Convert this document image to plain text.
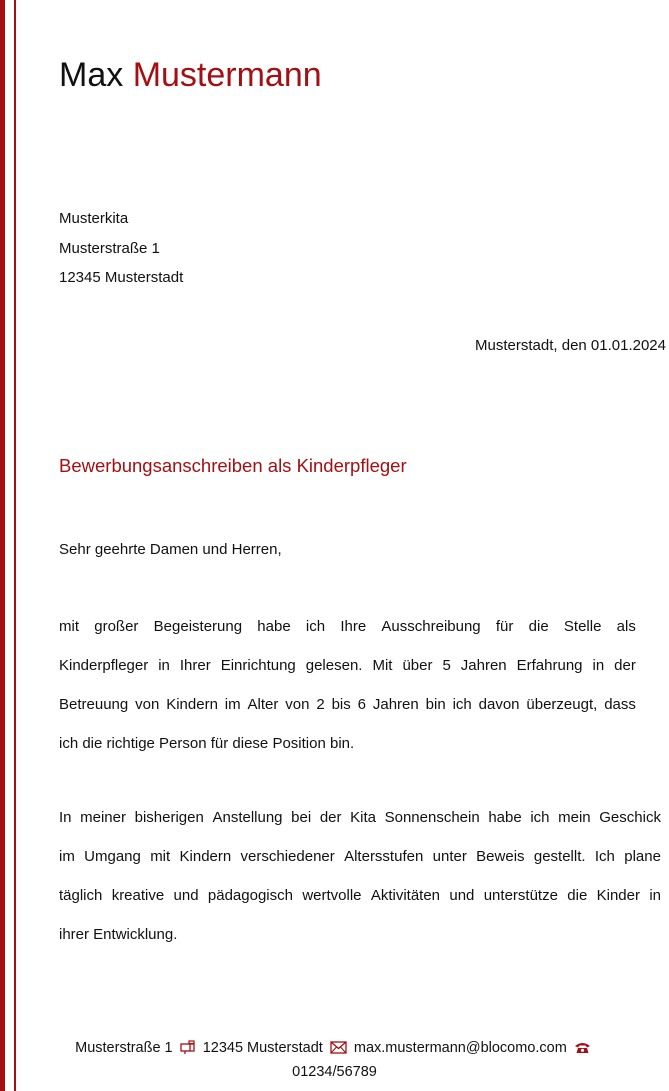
Max Mustermann
Musterkita
Musterstraße 1
12345 Musterstadt
Musterstadt, den 01.01.2024
Bewerbungsanschreiben als Kinderpfleger
Sehr geehrte Damen und Herren,
mit großer Begeisterung habe ich Ihre Ausschreibung für die Stelle als
Kinderpfleger in Ihrer Einrichtung gelesen. Mit über 5 Jahren Erfahrung in der
Betreuung von Kindern im Alter von 2 bis 6 Jahren bin ich davon überzeugt, dass
ich die richtige Person für diese Position bin.
In meiner bisherigen Anstellung bei der Kita Sonnenschein habe ich mein Geschick
im Umgang mit Kindern verschiedener Altersstufen unter Beweis gestellt. Ich plane
täglich kreative und pädagogisch wertvolle Aktivitäten und unterstütze die Kinder in
ihrer Entwicklung.
Musterstraße 1 12345 Musterstadt max.mustermann@blocomo.com
01234/56789
